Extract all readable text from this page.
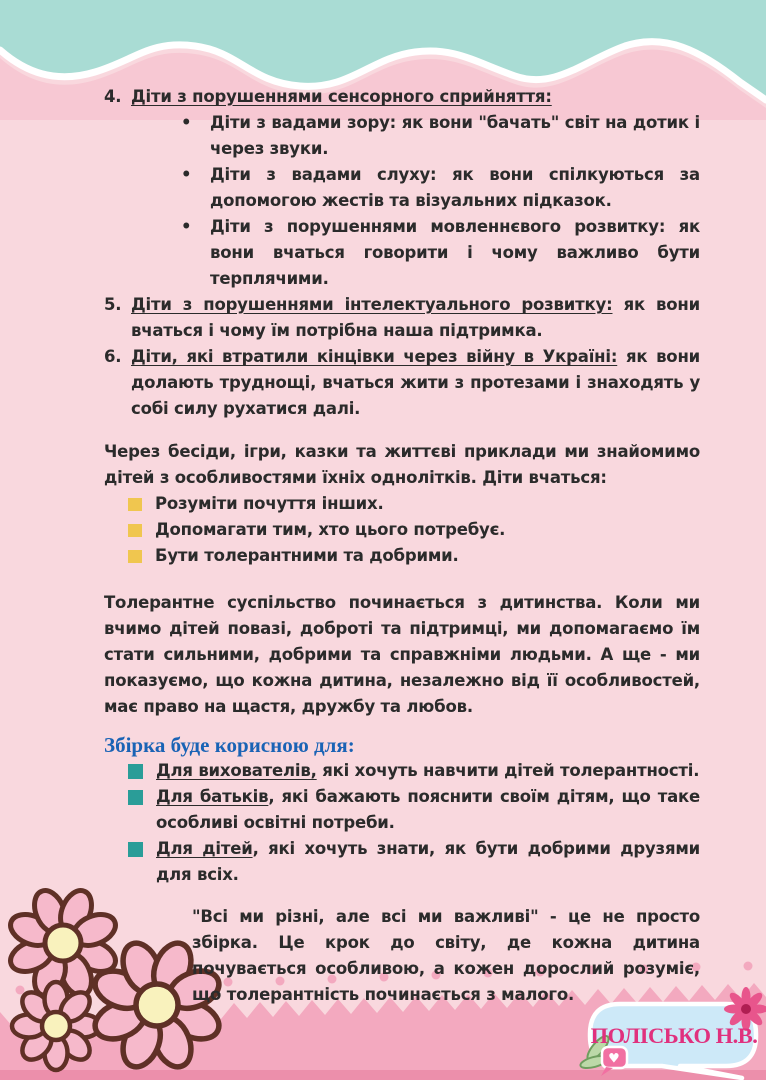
♥
ПОЛІСЬКО Н.В.
4. Діти з порушеннями сенсорного сприйняття:
•	Діти з вадами зору: як вони "бачать" світ на дотик і через звуки.
•	Діти з вадами слуху: як вони спілкуються за допомогою жестів та візуальних підказок.
•	Діти з порушеннями мовленнєвого розвитку: як вони вчаться говорити і чому важливо бути терплячими.
5. Діти з порушеннями інтелектуального розвитку: як вони вчаться і чому їм потрібна наша підтримка.
6. Діти, які втратили кінцівки через війну в Україні: як вони долають труднощі, вчаться жити з протезами і знаходять у собі силу рухатися далі.
Через бесіди, ігри, казки та життєві приклади ми знайомимо дітей з особливостями їхніх однолітків. Діти вчаться:
Розуміти почуття інших.
Допомагати тим, хто цього потребує.
Бути толерантними та добрими.
Толерантне суспільство починається з дитинства. Коли ми вчимо дітей повазі, доброті та підтримці, ми допомагаємо їм стати сильними, добрими та справжніми людьми. А ще - ми показуємо, що кожна дитина, незалежно від її особливостей, має право на щастя, дружбу та любов.
Збірка буде корисною для:
Для вихователів, які хочуть навчити дітей толерантності.
Для батьків, які бажають пояснити своїм дітям, що таке особливі освітні потреби.
Для дітей, які хочуть знати, як бути добрими друзями для всіх.
"Всі ми різні, але всі ми важливі" - це не просто збірка. Це крок до світу, де кожна дитина почувається особливою, а кожен дорослий розуміє, що толерантність починається з малого.
